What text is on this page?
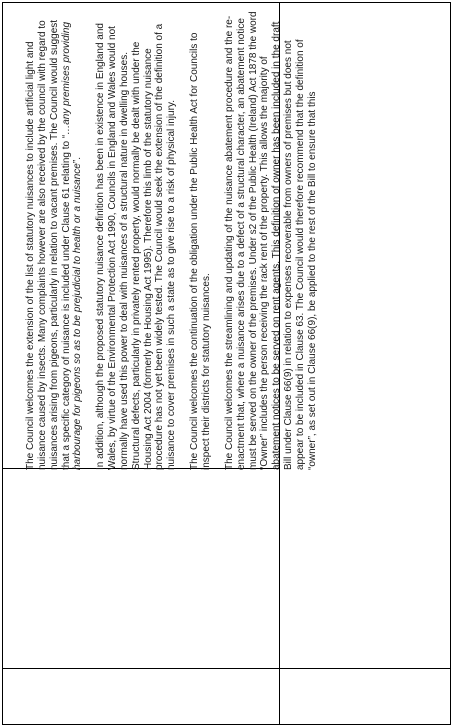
The Council welcomes the extension of the list of statutory nuisances to include artificial light and nuisance caused by insects. Many complaints however are also received by the council with regard to nuisances arising from pigeons, particularly in relation to vacant premises. The Council would suggest that a specific category of nuisance is included under Clause 61 relating to “…any premises providing harbourage for pigeons so as to be prejudicial to health or a nuisance”. In addition, although the proposed statutory nuisance definition has been in existence in England and Wales, by virtue of the Environmental Protection Act 1990, Councils in England and Wales would not normally have used this power to deal with nuisances of a structural nature in dwelling houses. Structural defects, particularly in privately rented property, would normally be dealt with under the Housing Act 2004 (formerly the Housing Act 1995). Therefore this limb of the statutory nuisance procedure has not yet been widely tested. The Council would seek the extension of the definition of a nuisance to cover premises in such a state as to give rise to a risk of physical injury. The Council welcomes the continuation of the obligation under the Public Health Act for Councils to inspect their districts for statutory nuisances. The Council welcomes the streamlining and updating of the nuisance abatement procedure and the re-enactment that, where a nuisance arises due to a defect of a structural character, an abatement notice must be served on the owner of the premises. Under s2 of the Public Health (Ireland) Act 1878 the word “Owner” includes the person receiving the rack rent of the property. This allows the majority of abatement notices to be served on rent agents. This definition of owner has been included in the draft Bill under Clause 66(9) in relation to expenses recoverable from owners of premises but does not appear to be included in Clause 63. The Council would therefore recommend that the definition of “owner”, as set out in Clause 66(9), be applied to the rest of the Bill to ensure that this
